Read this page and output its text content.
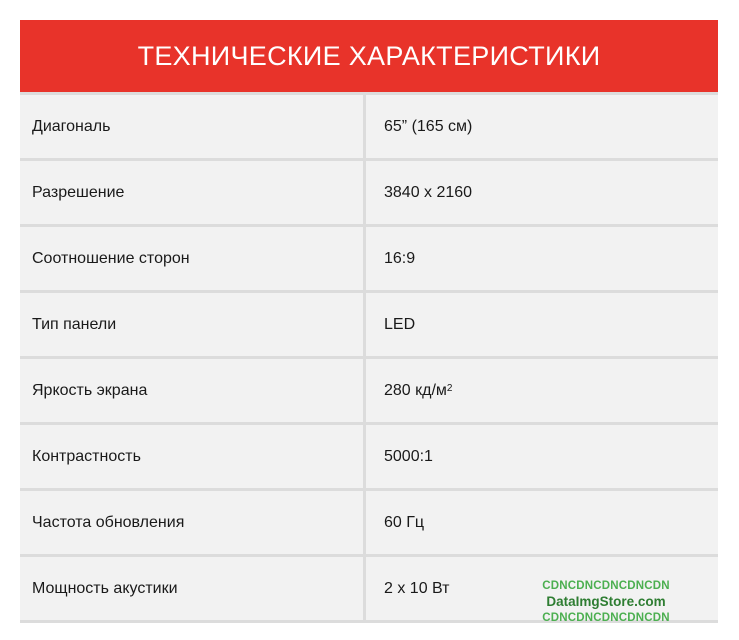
ТЕХНИЧЕСКИЕ ХАРАКТЕРИСТИКИ
Диагональ	65” (165 см)
Разрешение	3840 x 2160
Соотношение сторон	16:9
Тип панели	LED
Яркость экрана	280 $кд/м^2$
Контрастность	5000:1
Частота обновления	60 Гц
Мощность акустики	2 x 10 Вт	CDNCDNCDNCDNCDN
DataImgStore.com
CDNCDNCDNCDNCDN
